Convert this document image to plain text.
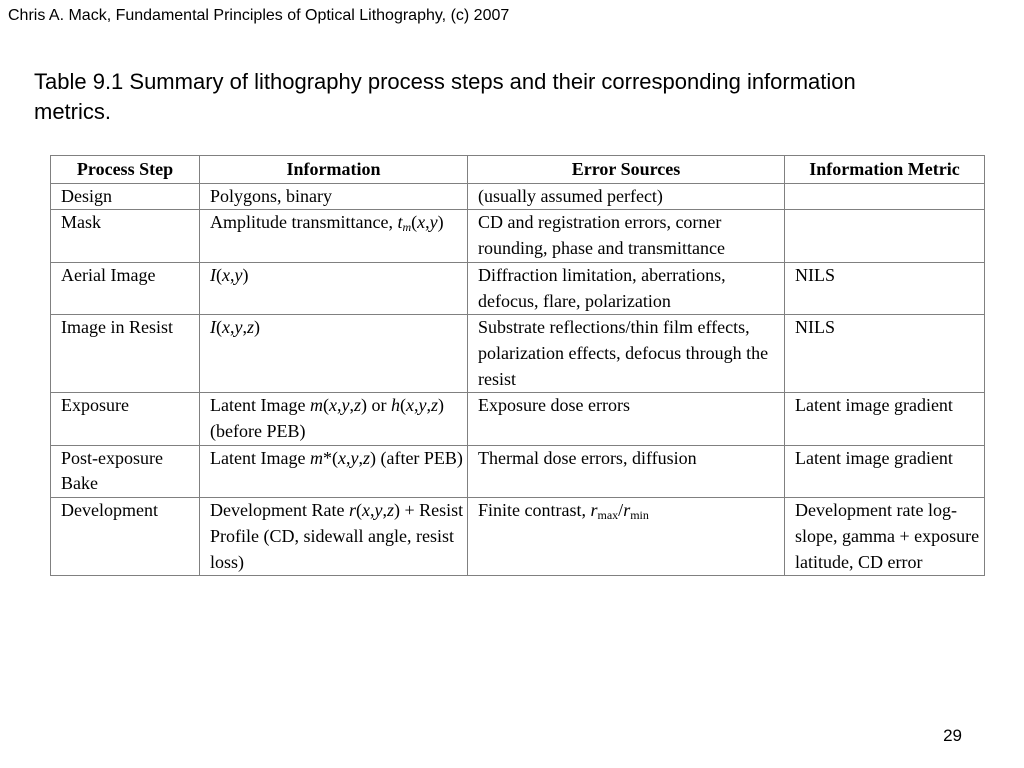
Chris A. Mack, Fundamental Principles of Optical Lithography, (c) 2007
Table 9.1 Summary of lithography process steps and their corresponding information metrics.
Process Step	Information	Error Sources	Information Metric
Design	Polygons, binary	(usually assumed perfect)	
Mask	Amplitude transmittance, $t_m(x,y)$	CD and registration errors, corner rounding, phase and transmittance	
Aerial Image	I(x,y)	Diffraction limitation, aberrations, defocus, flare, polarization	NILS
Image in Resist	I(x,y,z)	Substrate reflections/thin film effects, polarization effects, defocus through the resist	NILS
Exposure	Latent Image m(x,y,z) or h(x,y,z) (before PEB)	Exposure dose errors	Latent image gradient
Post-exposure Bake	Latent Image m*(x,y,z) (after PEB)	Thermal dose errors, diffusion	Latent image gradient
Development	Development Rate r(x,y,z) + Resist Profile (CD, sidewall angle, resist loss)	Finite contrast, $r_{max}/r_{min}$	Development rate log-slope, gamma + exposure latitude, CD error
29
